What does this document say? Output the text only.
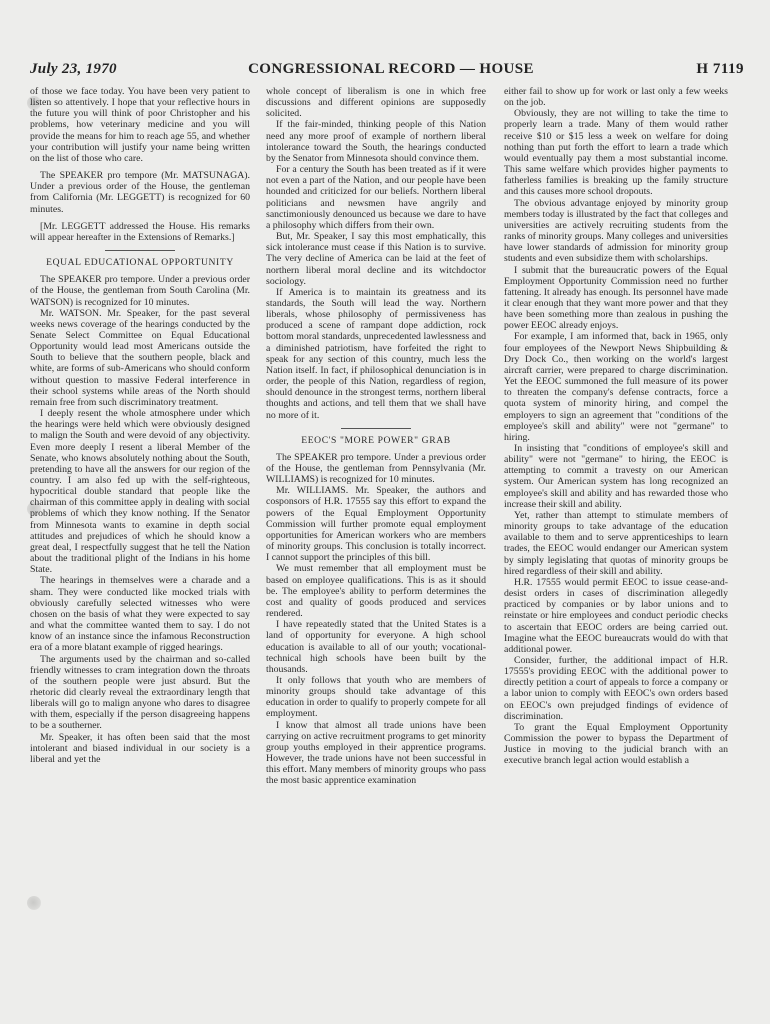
July 23, 1970	CONGRESSIONAL RECORD — HOUSE	H 7119

of those we face today. You have been very patient to listen so attentively. I hope that your reflective hours in the future you will think of poor Christopher and his problems, how veterinary medicine and you will provide the means for him to reach age 55, and whether your contribution will justify your name being written on the list of those who care.

The SPEAKER pro tempore (Mr. MATSUNAGA). Under a previous order of the House, the gentleman from California (Mr. LEGGETT) is recognized for 60 minutes.

[Mr. LEGGETT addressed the House. His remarks will appear hereafter in the Extensions of Remarks.]

EQUAL EDUCATIONAL OPPORTUNITY

The SPEAKER pro tempore. Under a previous order of the House, the gentleman from South Carolina (Mr. WATSON) is recognized for 10 minutes.

Mr. WATSON. Mr. Speaker, for the past several weeks news coverage of the hearings conducted by the Senate Select Committee on Equal Educational Opportunity would lead most Americans outside the South to believe that the southern people, black and white, are forms of sub-Americans who should conform without question to massive Federal interference in their school systems while areas of the North should remain free from such discriminatory treatment.

I deeply resent the whole atmosphere under which the hearings were held which were obviously designed to malign the South and were devoid of any objectivity. Even more deeply I resent a liberal Member of the Senate, who knows absolutely nothing about the South, pretending to have all the answers for our region of the country. I am also fed up with the self-righteous, hypocritical double standard that people like the chairman of this committee apply in dealing with social problems of which they know nothing. If the Senator from Minnesota wants to examine in depth social attitudes and prejudices of which he should know a great deal, I respectfully suggest that he tell the Nation about the traditional plight of the Indians in his home State.

The hearings in themselves were a charade and a sham. They were conducted like mocked trials with obviously carefully selected witnesses who were chosen on the basis of what they were expected to say and what the committee wanted them to say. I do not know of an instance since the infamous Reconstruction era of a more blatant example of rigged hearings.

The arguments used by the chairman and so-called friendly witnesses to cram integration down the throats of the southern people were just absurd. But the rhetoric did clearly reveal the extraordinary length that liberals will go to malign anyone who dares to disagree with them, especially if the person disagreeing happens to be a southerner.

Mr. Speaker, it has often been said that the most intolerant and biased individual in our society is a liberal and yet the

whole concept of liberalism is one in which free discussions and different opinions are supposedly solicited.

If the fair-minded, thinking people of this Nation need any more proof of example of northern liberal intolerance toward the South, the hearings conducted by the Senator from Minnesota should convince them.

For a century the South has been treated as if it were not even a part of the Nation, and our people have been hounded and criticized for our beliefs. Northern liberal politicians and newsmen have angrily and sanctimoniously denounced us because we dare to have a philosophy which differs from their own.

But, Mr. Speaker, I say this most emphatically, this sick intolerance must cease if this Nation is to survive. The very decline of America can be laid at the feet of northern liberal moral decline and its witchdoctor sociology.

If America is to maintain its greatness and its standards, the South will lead the way. Northern liberals, whose philosophy of permissiveness has produced a scene of rampant dope addiction, rock bottom moral standards, unprecedented lawlessness and a diminished patriotism, have forfeited the right to speak for any section of this country, much less the Nation itself. In fact, if philosophical denunciation is in order, the people of this Nation, regardless of region, should denounce in the strongest terms, northern liberal thoughts and actions, and tell them that we shall have no more of it.

EEOC'S "MORE POWER" GRAB

The SPEAKER pro tempore. Under a previous order of the House, the gentleman from Pennsylvania (Mr. WILLIAMS) is recognized for 10 minutes.

Mr. WILLIAMS. Mr. Speaker, the authors and cosponsors of H.R. 17555 say this effort to expand the powers of the Equal Employment Opportunity Commission will further promote equal employment opportunities for American workers who are members of minority groups. This conclusion is totally incorrect. I cannot support the principles of this bill.

We must remember that all employment must be based on employee qualifications. This is as it should be. The employee's ability to perform determines the cost and quality of goods produced and services rendered.

I have repeatedly stated that the United States is a land of opportunity for everyone. A high school education is available to all of our youth; vocational-technical high schools have been built by the thousands.

It only follows that youth who are members of minority groups should take advantage of this education in order to qualify to properly compete for all employment.

I know that almost all trade unions have been carrying on active recruitment programs to get minority group youths employed in their apprentice programs. However, the trade unions have not been successful in this effort. Many members of minority groups who pass the most basic apprentice examination

either fail to show up for work or last only a few weeks on the job.

Obviously, they are not willing to take the time to properly learn a trade. Many of them would rather receive $10 or $15 less a week on welfare for doing nothing than put forth the effort to learn a trade which would eventually pay them a most substantial income. This same welfare which provides higher payments to fatherless families is breaking up the family structure and this causes more school dropouts.

The obvious advantage enjoyed by minority group members today is illustrated by the fact that colleges and universities are actively recruiting students from the ranks of minority groups. Many colleges and universities have lower standards of admission for minority group students and even subsidize them with scholarships.

I submit that the bureaucratic powers of the Equal Employment Opportunity Commission need no further fattening. It already has enough. Its personnel have made it clear enough that they want more power and that they have been something more than zealous in pushing the power EEOC already enjoys.

For example, I am informed that, back in 1965, only four employees of the Newport News Shipbuilding & Dry Dock Co., then working on the world's largest aircraft carrier, were prepared to charge discrimination. Yet the EEOC summoned the full measure of its power to threaten the company's defense contracts, force a quota system of minority hiring, and compel the employers to sign an agreement that "conditions of the employee's skill and ability" were not "germane" to hiring.

In insisting that "conditions of employee's skill and ability" were not "germane" to hiring, the EEOC is attempting to commit a travesty on our American system. Our American system has long recognized an employee's skill and ability and has rewarded those who increase their skill and ability.

Yet, rather than attempt to stimulate members of minority groups to take advantage of the education available to them and to serve apprenticeships to learn trades, the EEOC would endanger our American system by simply legislating that quotas of minority groups be hired regardless of their skill and ability.

H.R. 17555 would permit EEOC to issue cease-and-desist orders in cases of discrimination allegedly practiced by companies or by labor unions and to reinstate or hire employees and conduct periodic checks to ascertain that EEOC orders are being carried out. Imagine what the EEOC bureaucrats would do with that additional power.

Consider, further, the additional impact of H.R. 17555's providing EEOC with the additional power to directly petition a court of appeals to force a company or a labor union to comply with EEOC's own orders based on EEOC's own prejudged findings of evidence of discrimination.

To grant the Equal Employment Opportunity Commission the power to bypass the Department of Justice in moving to the judicial branch with an executive branch legal action would establish a
